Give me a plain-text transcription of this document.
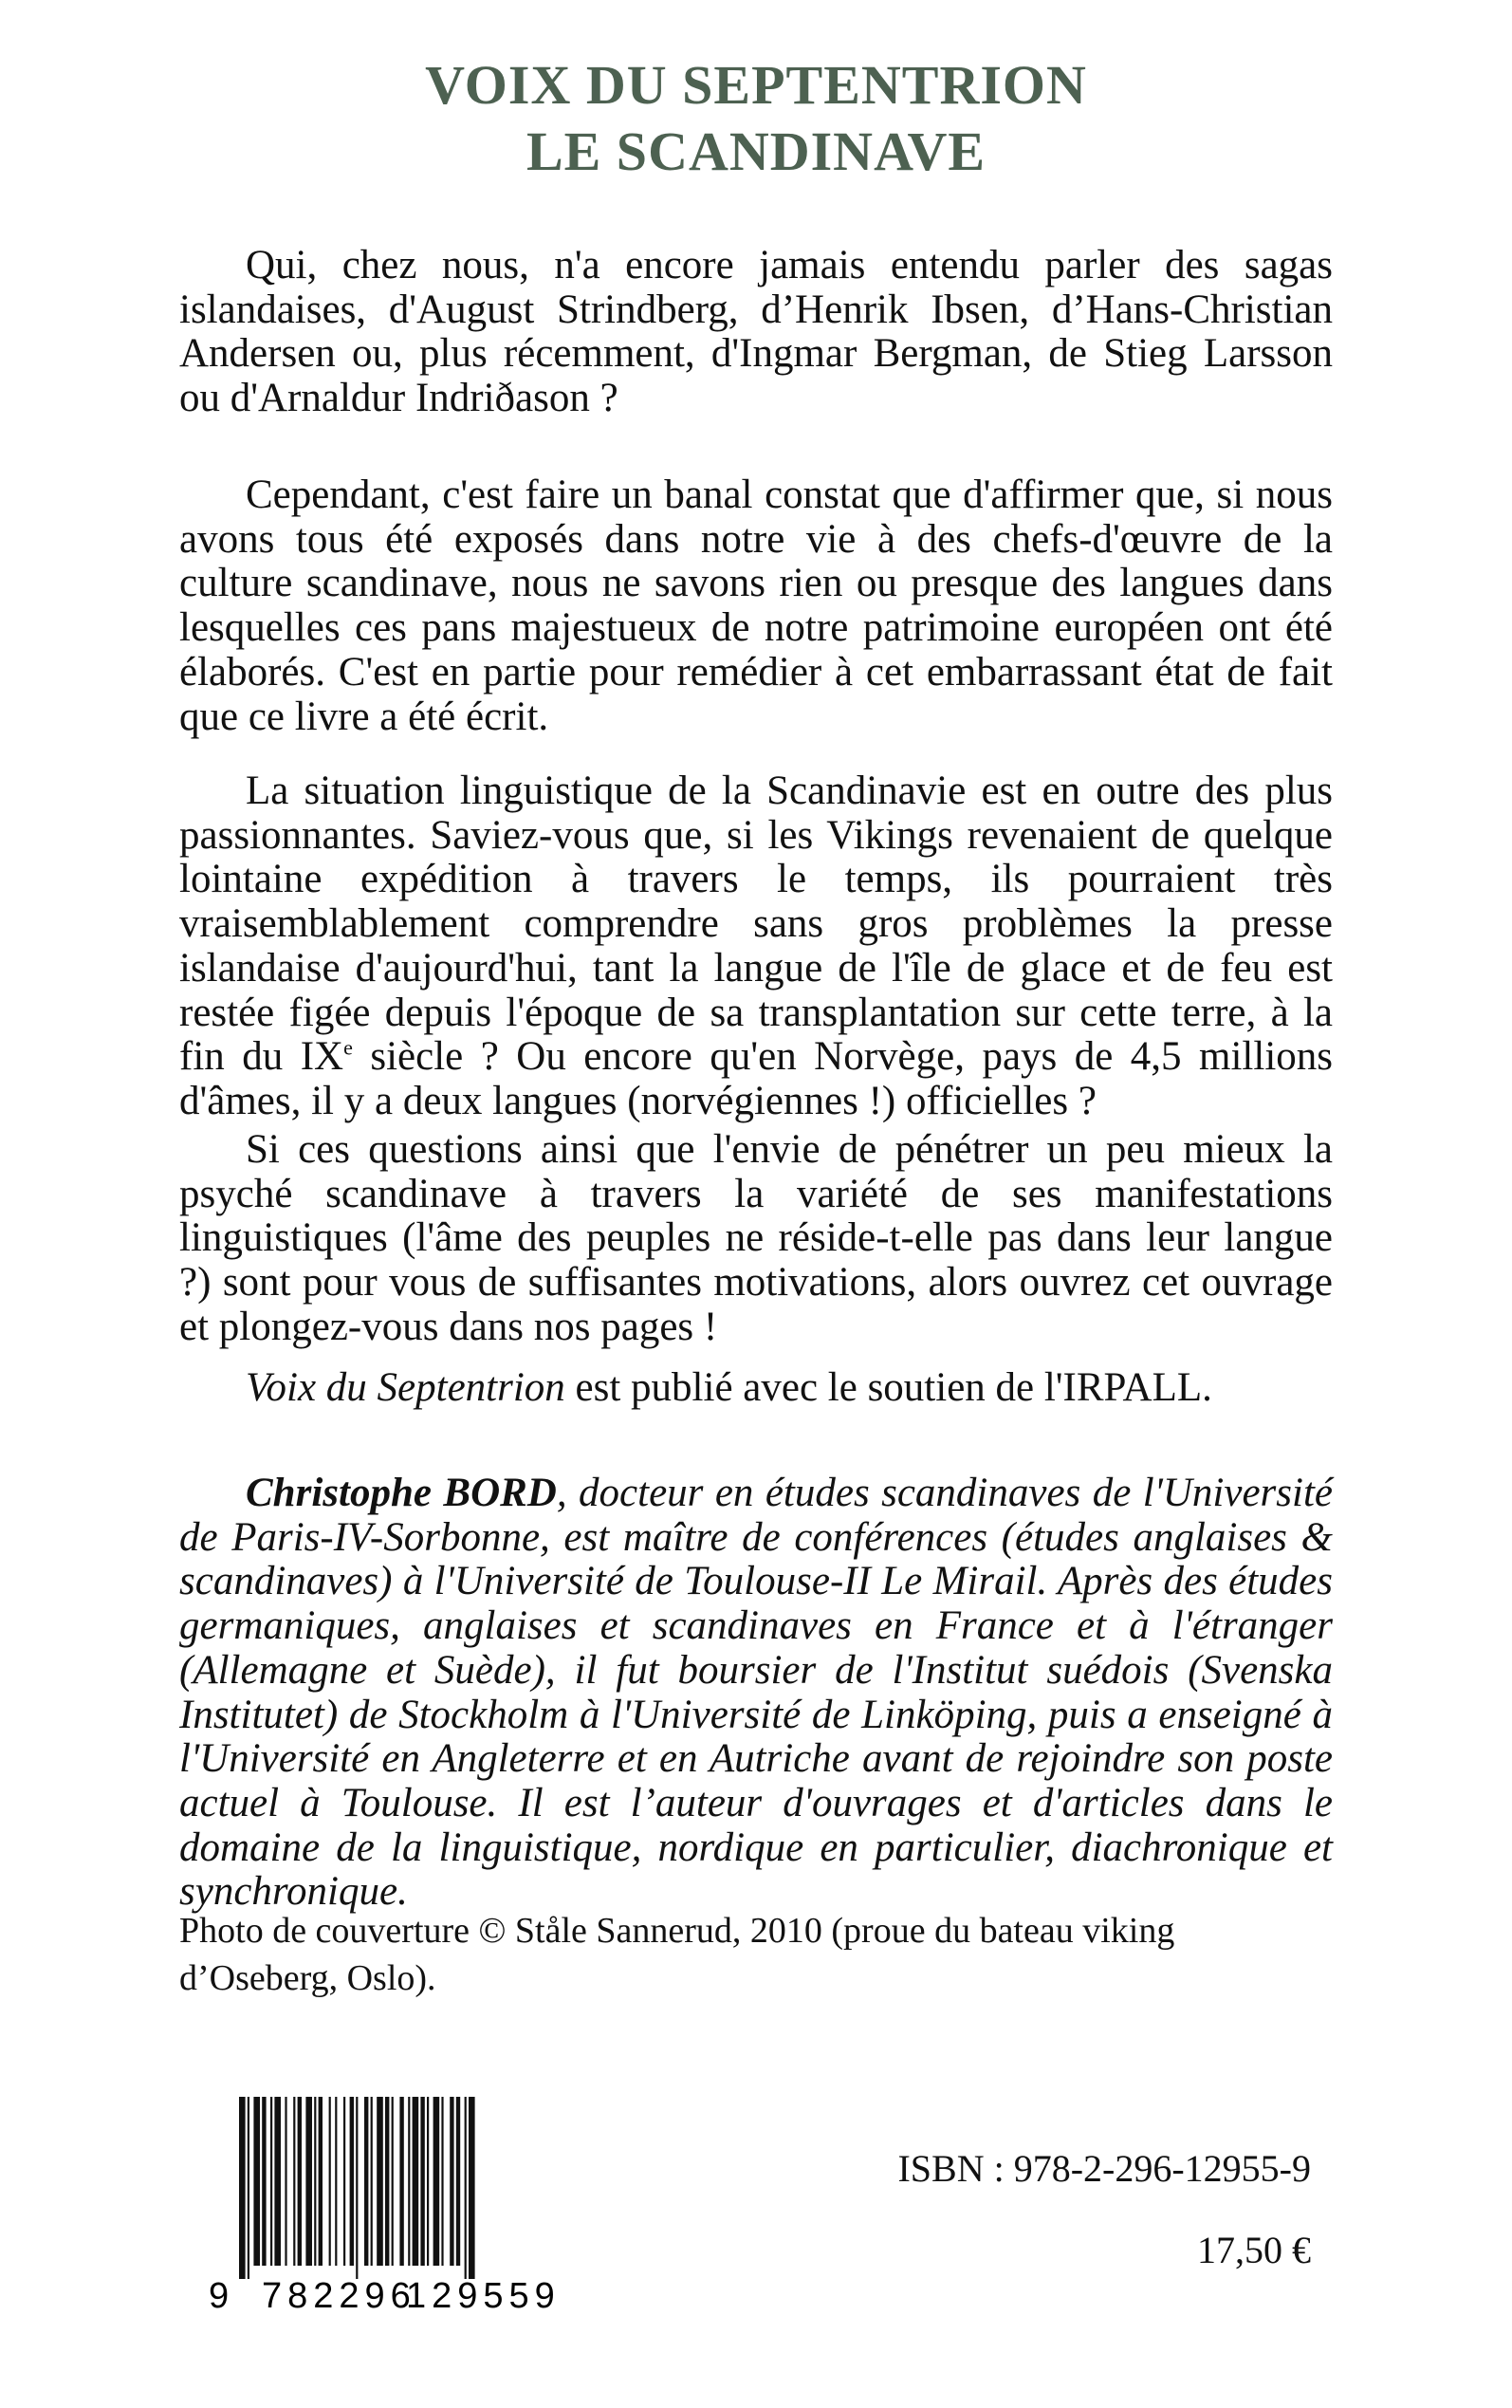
VOIX DU SEPTENTRION
LE SCANDINAVE

Qui, chez nous, n'a encore jamais entendu parler des sagas islandaises, d'August Strindberg, d’Henrik Ibsen, d’Hans-Christian Andersen ou, plus récemment, d'Ingmar Bergman, de Stieg Larsson ou d'Arnaldur Indriðason ?

Cependant, c'est faire un banal constat que d'affirmer que, si nous avons tous été exposés dans notre vie à des chefs-d'œuvre de la culture scandinave, nous ne savons rien ou presque des langues dans lesquelles ces pans majestueux de notre patrimoine européen ont été élaborés. C'est en partie pour remédier à cet embarrassant état de fait que ce livre a été écrit.

La situation linguistique de la Scandinavie est en outre des plus passionnantes. Saviez-vous que, si les Vikings revenaient de quelque lointaine expédition à travers le temps, ils pourraient très vraisemblablement comprendre sans gros problèmes la presse islandaise d'aujourd'hui, tant la langue de l'île de glace et de feu est restée figée depuis l'époque de sa transplantation sur cette terre, à la fin du IXe siècle ? Ou encore qu'en Norvège, pays de 4,5 millions d'âmes, il y a deux langues (norvégiennes !) officielles ?

Si ces questions ainsi que l'envie de pénétrer un peu mieux la psyché scandinave à travers la variété de ses manifestations linguistiques (l'âme des peuples ne réside-t-elle pas dans leur langue ?) sont pour vous de suffisantes motivations, alors ouvrez cet ouvrage et plongez-vous dans nos pages !

Voix du Septentrion est publié avec le soutien de l'IRPALL.

Christophe BORD, docteur en études scandinaves de l'Université de Paris-IV-Sorbonne, est maître de conférences (études anglaises & scandinaves) à l'Université de Toulouse-II Le Mirail. Après des études germaniques, anglaises et scandinaves en France et à l'étranger (Allemagne et Suède), il fut boursier de l'Institut suédois (Svenska Institutet) de Stockholm à l'Université de Linköping, puis a enseigné à l'Université en Angleterre et en Autriche avant de rejoindre son poste actuel à Toulouse. Il est l’auteur d'ouvrages et d'articles dans le domaine de la linguistique, nordique en particulier, diachronique et synchronique.

Photo de couverture © Ståle Sannerud, 2010 (proue du bateau viking d’Oseberg, Oslo).
9 782296
129559
ISBN : 978-2-296-12955-9
17,50 €
